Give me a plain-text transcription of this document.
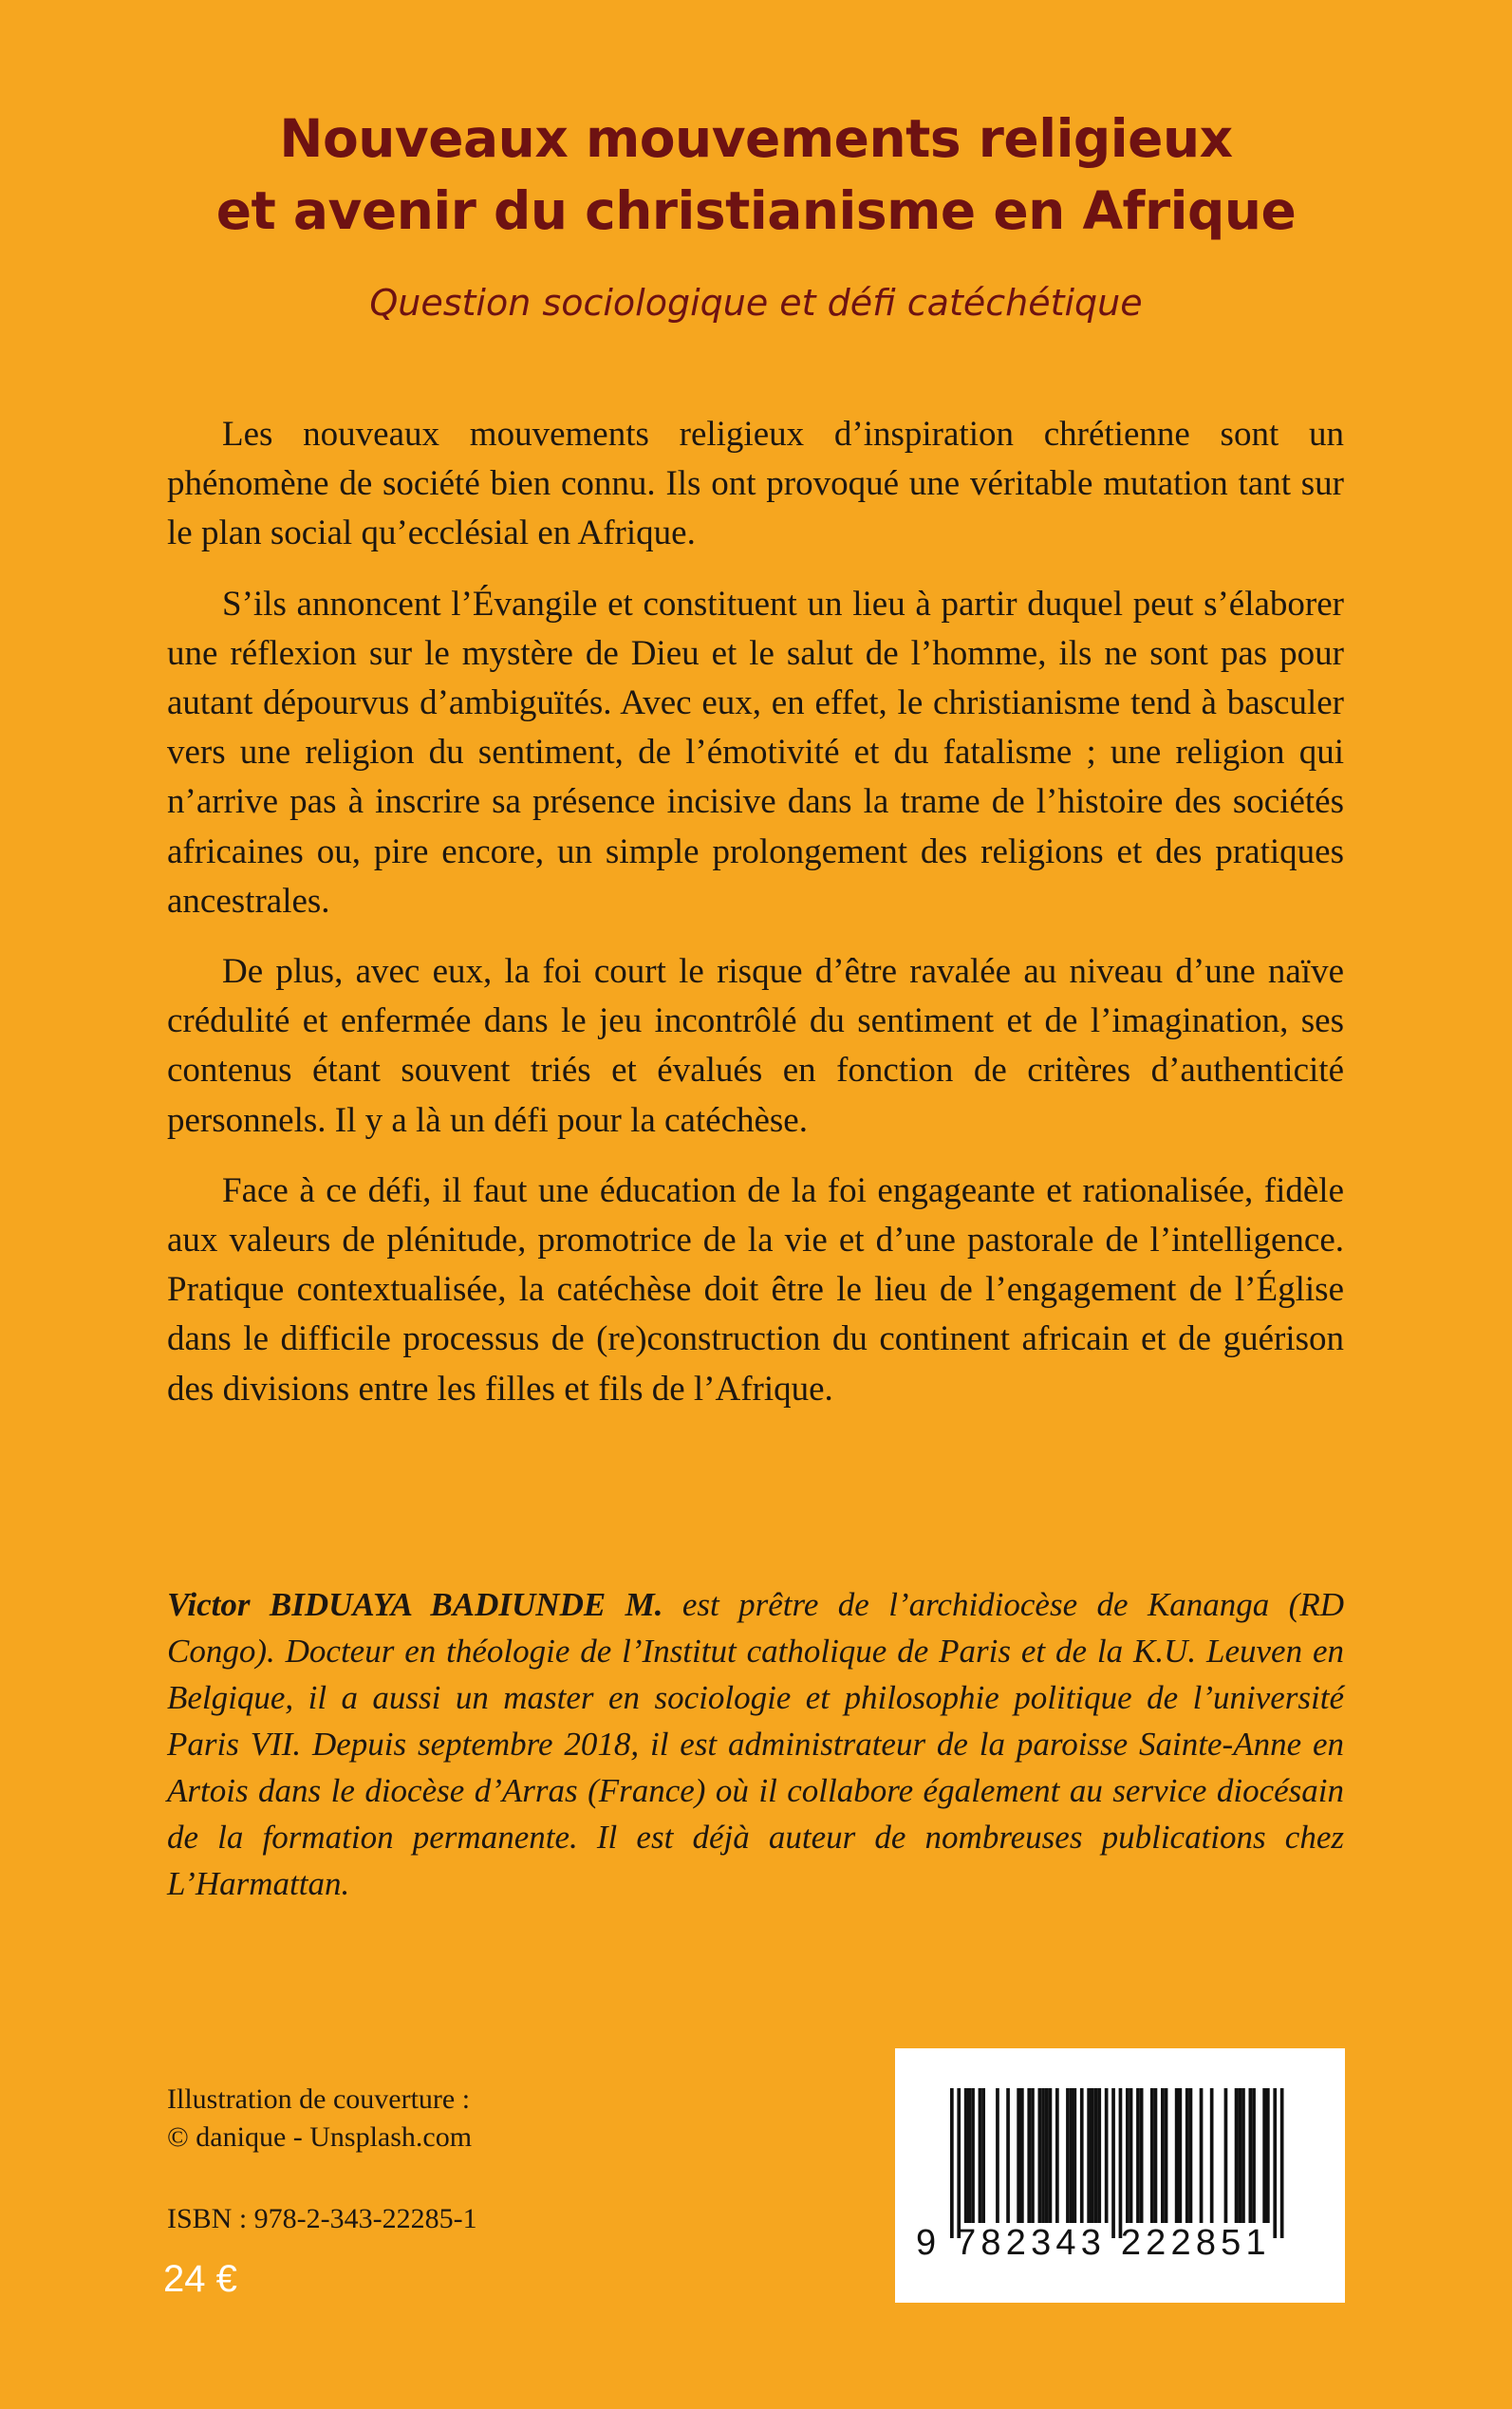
Nouveaux mouvements religieux
et avenir du christianisme en Afrique
Question sociologique et défi catéchétique

Les nouveaux mouvements religieux d’inspiration chrétienne sont un phénomène de société bien connu. Ils ont provoqué une véritable mutation tant sur le plan social qu’ecclésial en Afrique.

S’ils annoncent l’Évangile et constituent un lieu à partir duquel peut s’élaborer une réflexion sur le mystère de Dieu et le salut de l’homme, ils ne sont pas pour autant dépourvus d’ambiguïtés. Avec eux, en effet, le christianisme tend à basculer vers une religion du sentiment, de l’émotivité et du fatalisme ; une religion qui n’arrive pas à inscrire sa présence incisive dans la trame de l’histoire des sociétés africaines ou, pire encore, un simple prolongement des religions et des pratiques ancestrales.

De plus, avec eux, la foi court le risque d’être ravalée au niveau d’une naïve crédulité et enfermée dans le jeu incontrôlé du sentiment et de l’imagination, ses contenus étant souvent triés et évalués en fonction de critères d’authenticité personnels. Il y a là un défi pour la catéchèse.

Face à ce défi, il faut une éducation de la foi engageante et rationalisée, fidèle aux valeurs de plénitude, promotrice de la vie et d’une pastorale de l’intelligence. Pratique contextualisée, la catéchèse doit être le lieu de l’engagement de l’Église dans le difficile processus de (re)construction du continent africain et de guérison des divisions entre les filles et fils de l’Afrique.

Victor BIDUAYA BADIUNDE M. est prêtre de l’archidiocèse de Kananga (RD Congo). Docteur en théologie de l’Institut catholique de Paris et de la K.U. Leuven en Belgique, il a aussi un master en sociologie et philosophie politique de l’université Paris VII. Depuis septembre 2018, il est administrateur de la paroisse Sainte-Anne en Artois dans le diocèse d’Arras (France) où il collabore également au service diocésain de la formation permanente. Il est déjà auteur de nombreuses publications chez L’Harmattan.
Illustration de couverture :
© danique - Unsplash.com
ISBN : 978-2-343-22285-1
24 €
9 782343 222851
